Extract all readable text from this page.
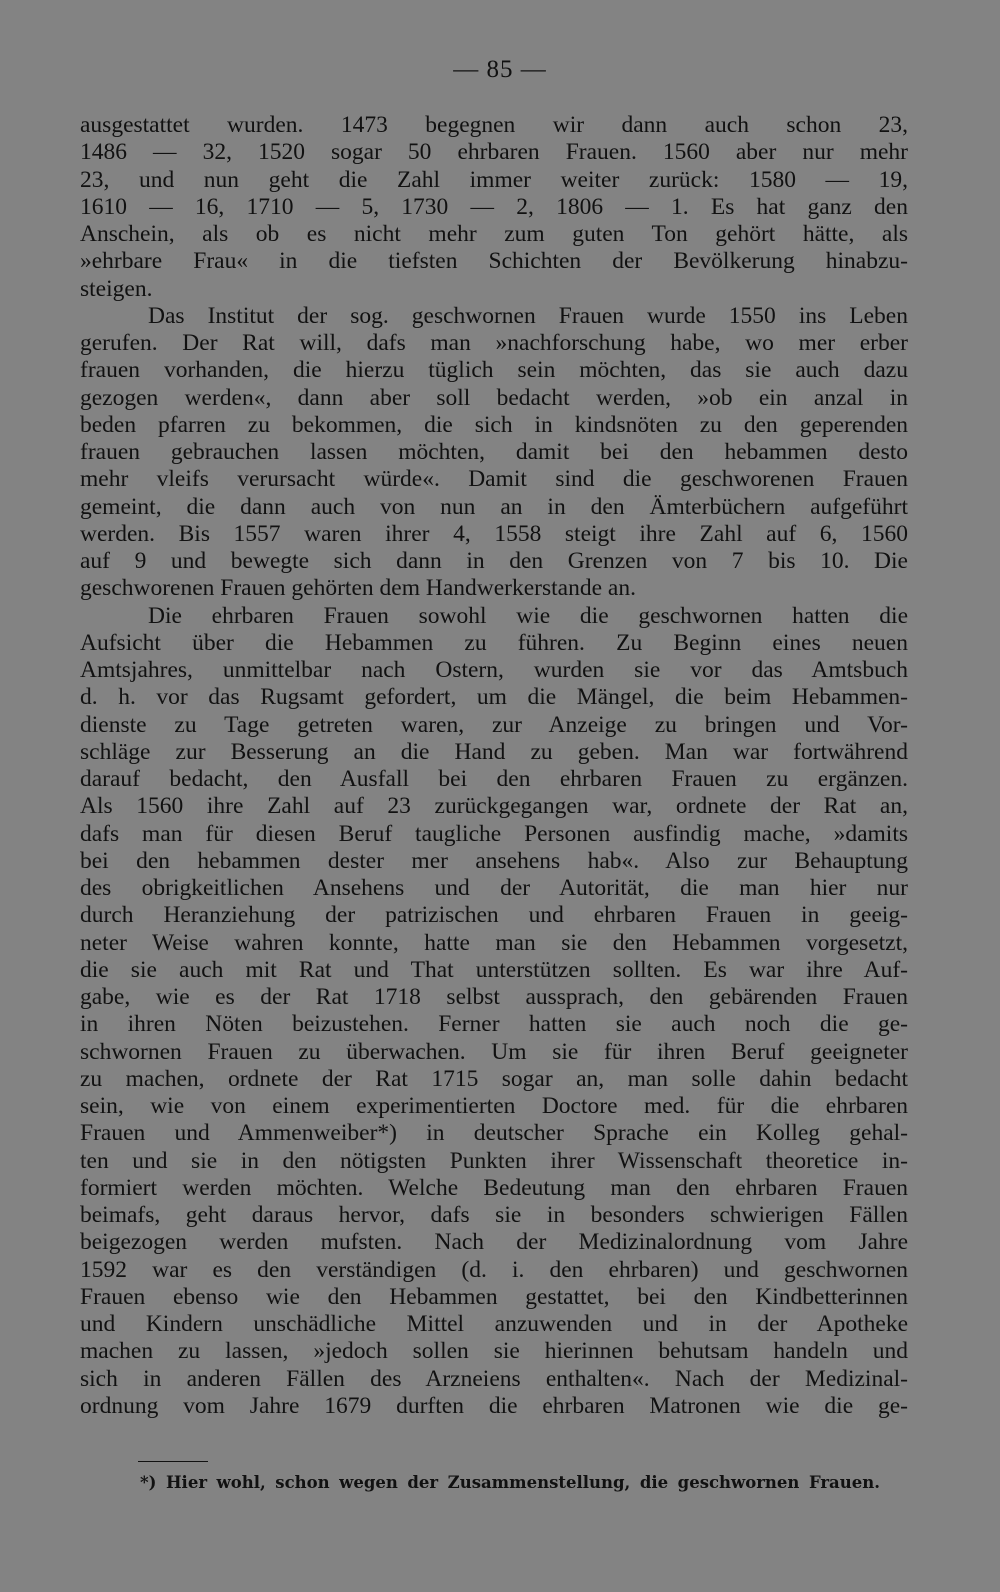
— 85 —
ausgestattet wurden. 1473 begegnen wir dann auch schon 23,
1486 — 32, 1520 sogar 50 ehrbaren Frauen. 1560 aber nur mehr
23, und nun geht die Zahl immer weiter zurück: 1580 — 19,
1610 — 16, 1710 — 5, 1730 — 2, 1806 — 1. Es hat ganz den
Anschein, als ob es nicht mehr zum guten Ton gehört hätte, als
»ehrbare Frau« in die tiefsten Schichten der Bevölkerung hinabzu-
steigen.
Das Institut der sog. geschwornen Frauen wurde 1550 ins Leben
gerufen. Der Rat will, dafs man »nachforschung habe, wo mer erber
frauen vorhanden, die hierzu tüglich sein möchten, das sie auch dazu
gezogen werden«, dann aber soll bedacht werden, »ob ein anzal in
beden pfarren zu bekommen, die sich in kindsnöten zu den geperenden
frauen gebrauchen lassen möchten, damit bei den hebammen desto
mehr vleifs verursacht würde«. Damit sind die geschworenen Frauen
gemeint, die dann auch von nun an in den Ämterbüchern aufgeführt
werden. Bis 1557 waren ihrer 4, 1558 steigt ihre Zahl auf 6, 1560
auf 9 und bewegte sich dann in den Grenzen von 7 bis 10. Die
geschworenen Frauen gehörten dem Handwerkerstande an.
Die ehrbaren Frauen sowohl wie die geschwornen hatten die
Aufsicht über die Hebammen zu führen. Zu Beginn eines neuen
Amtsjahres, unmittelbar nach Ostern, wurden sie vor das Amtsbuch
d. h. vor das Rugsamt gefordert, um die Mängel, die beim Hebammen-
dienste zu Tage getreten waren, zur Anzeige zu bringen und Vor-
schläge zur Besserung an die Hand zu geben. Man war fortwährend
darauf bedacht, den Ausfall bei den ehrbaren Frauen zu ergänzen.
Als 1560 ihre Zahl auf 23 zurückgegangen war, ordnete der Rat an,
dafs man für diesen Beruf taugliche Personen ausfindig mache, »damits
bei den hebammen dester mer ansehens hab«. Also zur Behauptung
des obrigkeitlichen Ansehens und der Autorität, die man hier nur
durch Heranziehung der patrizischen und ehrbaren Frauen in geeig-
neter Weise wahren konnte, hatte man sie den Hebammen vorgesetzt,
die sie auch mit Rat und That unterstützen sollten. Es war ihre Auf-
gabe, wie es der Rat 1718 selbst aussprach, den gebärenden Frauen
in ihren Nöten beizustehen. Ferner hatten sie auch noch die ge-
schwornen Frauen zu überwachen. Um sie für ihren Beruf geeigneter
zu machen, ordnete der Rat 1715 sogar an, man solle dahin bedacht
sein, wie von einem experimentierten Doctore med. für die ehrbaren
Frauen und Ammenweiber*) in deutscher Sprache ein Kolleg gehal-
ten und sie in den nötigsten Punkten ihrer Wissenschaft theoretice in-
formiert werden möchten. Welche Bedeutung man den ehrbaren Frauen
beimafs, geht daraus hervor, dafs sie in besonders schwierigen Fällen
beigezogen werden mufsten. Nach der Medizinalordnung vom Jahre
1592 war es den verständigen (d. i. den ehrbaren) und geschwornen
Frauen ebenso wie den Hebammen gestattet, bei den Kindbetterinnen
und Kindern unschädliche Mittel anzuwenden und in der Apotheke
machen zu lassen, »jedoch sollen sie hierinnen behutsam handeln und
sich in anderen Fällen des Arzneiens enthalten«. Nach der Medizinal-
ordnung vom Jahre 1679 durften die ehrbaren Matronen wie die ge-
*) Hier wohl, schon wegen der Zusammenstellung, die geschwornen Frauen.
